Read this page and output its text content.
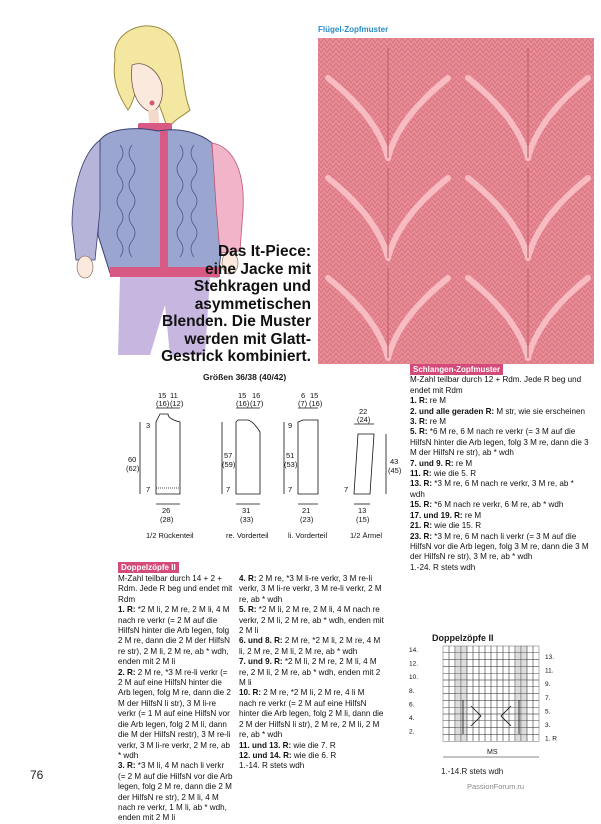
Flügel-Zopfmuster
Das It-Piece:
eine Jacke mit
Stehkragen und
asymmetischen
Blenden. Die Muster
werden mit Glatt-
Gestrick kombiniert.
Schlangen-Zopfmuster

M-Zahl teilbar durch 12 + Rdm. Jede R beg und endet mit Rdm

1. R: re M

2. und alle geraden R: M str, wie sie erscheinen

3. R: re M

5. R: *6 M re, 6 M nach re verkr (= 3 M auf die HilfsN hinter die Arb legen, folg 3 M re, dann die 3 M der HilfsN re str), ab * wdh

7. und 9. R: re M

11. R: wie die 5. R

13. R: *3 M re, 6 M nach re verkr, 3 M re, ab * wdh

15. R: *6 M nach re verkr, 6 M re, ab * wdh

17. und 19. R: re M

21. R: wie die 15. R

23. R: *3 M re, 6 M nach li verkr (= 3 M auf die HilfsN vor die Arb legen, folg 3 M re, dann die 3 M der HilfsN re str), 3 M re, ab * wdh

1.-24. R stets wdh

Größen 36/38 (40/42)
15
(16)
11
(12)
3
60
(62)
7
26
(28)
1/2 Rückenteil
15
(16)
16
(17)
57
(59)
7
31
(33)
re. Vorderteil
6
(7)
15
(16)
9
51
(53)
7
21
(23)
li. Vorderteil
22
(24)
43
(45)
7
13
(15)
1/2 Ärmel
Doppelzöpfe II

M-Zahl teilbar durch 14 + 2 + Rdm. Jede R beg und endet mit Rdm

1. R: *2 M li, 2 M re, 2 M li, 4 M nach re verkr (= 2 M auf die HilfsN hinter die Arb legen, folg 2 M re, dann die 2 M der HilfsN re str), 2 M li, 2 M re, ab * wdh, enden mit 2 M li

2. R: 2 M re, *3 M re-li verkr (= 2 M auf eine HilfsN hinter die Arb legen, folg M re, dann die 2 M der HilfsN li str), 3 M li-re verkr (= 1 M auf eine HilfsN vor die Arb legen, folg 2 M li, dann die M der HilfsN restr), 3 M re-li verkr, 3 M li-re verkr, 2 M re, ab * wdh

3. R: *3 M li, 4 M nach li verkr (= 2 M auf die HilfsN vor die Arb legen, folg 2 M re, dann die 2 M der HilfsN re str), 2 M li, 4 M nach re verkr, 1 M li, ab * wdh, enden mit 2 M li

4. R: 2 M re, *3 M li-re verkr, 3 M re-li verkr, 3 M li-re verkr, 3 M re-li verkr, 2 M re, ab * wdh

5. R: *2 M li, 2 M re, 2 M li, 4 M nach re verkr, 2 M li, 2 M re, ab * wdh, enden mit 2 M li

6. und 8. R: 2 M re, *2 M li, 2 M re, 4 M li, 2 M re, 2 M li, 2 M re, ab * wdh

7. und 9. R: *2 M li, 2 M re, 2 M li, 4 M re, 2 M li, 2 M re, ab * wdh, enden mit 2 M li

10. R: 2 M re, *2 M li, 2 M re, 4 li M nach re verkr (= 2 M auf eine HilfsN hinter die Arb legen, folg 2 M li, dann die 2 M der HilfsN li str), 2 M re, 2 M li, 2 M re, ab * wdh

11. und 13. R: wie die 7. R

12. und 14. R: wie die 6. R

1.-14. R stets wdh

Doppelzöpfe II
14.
12.
10.
8.
6.
4.
2.
13.
11.
9.
7.
5.
3.
1. R
MS
1.-14.R stets wdh
76
PassionForum.ru
